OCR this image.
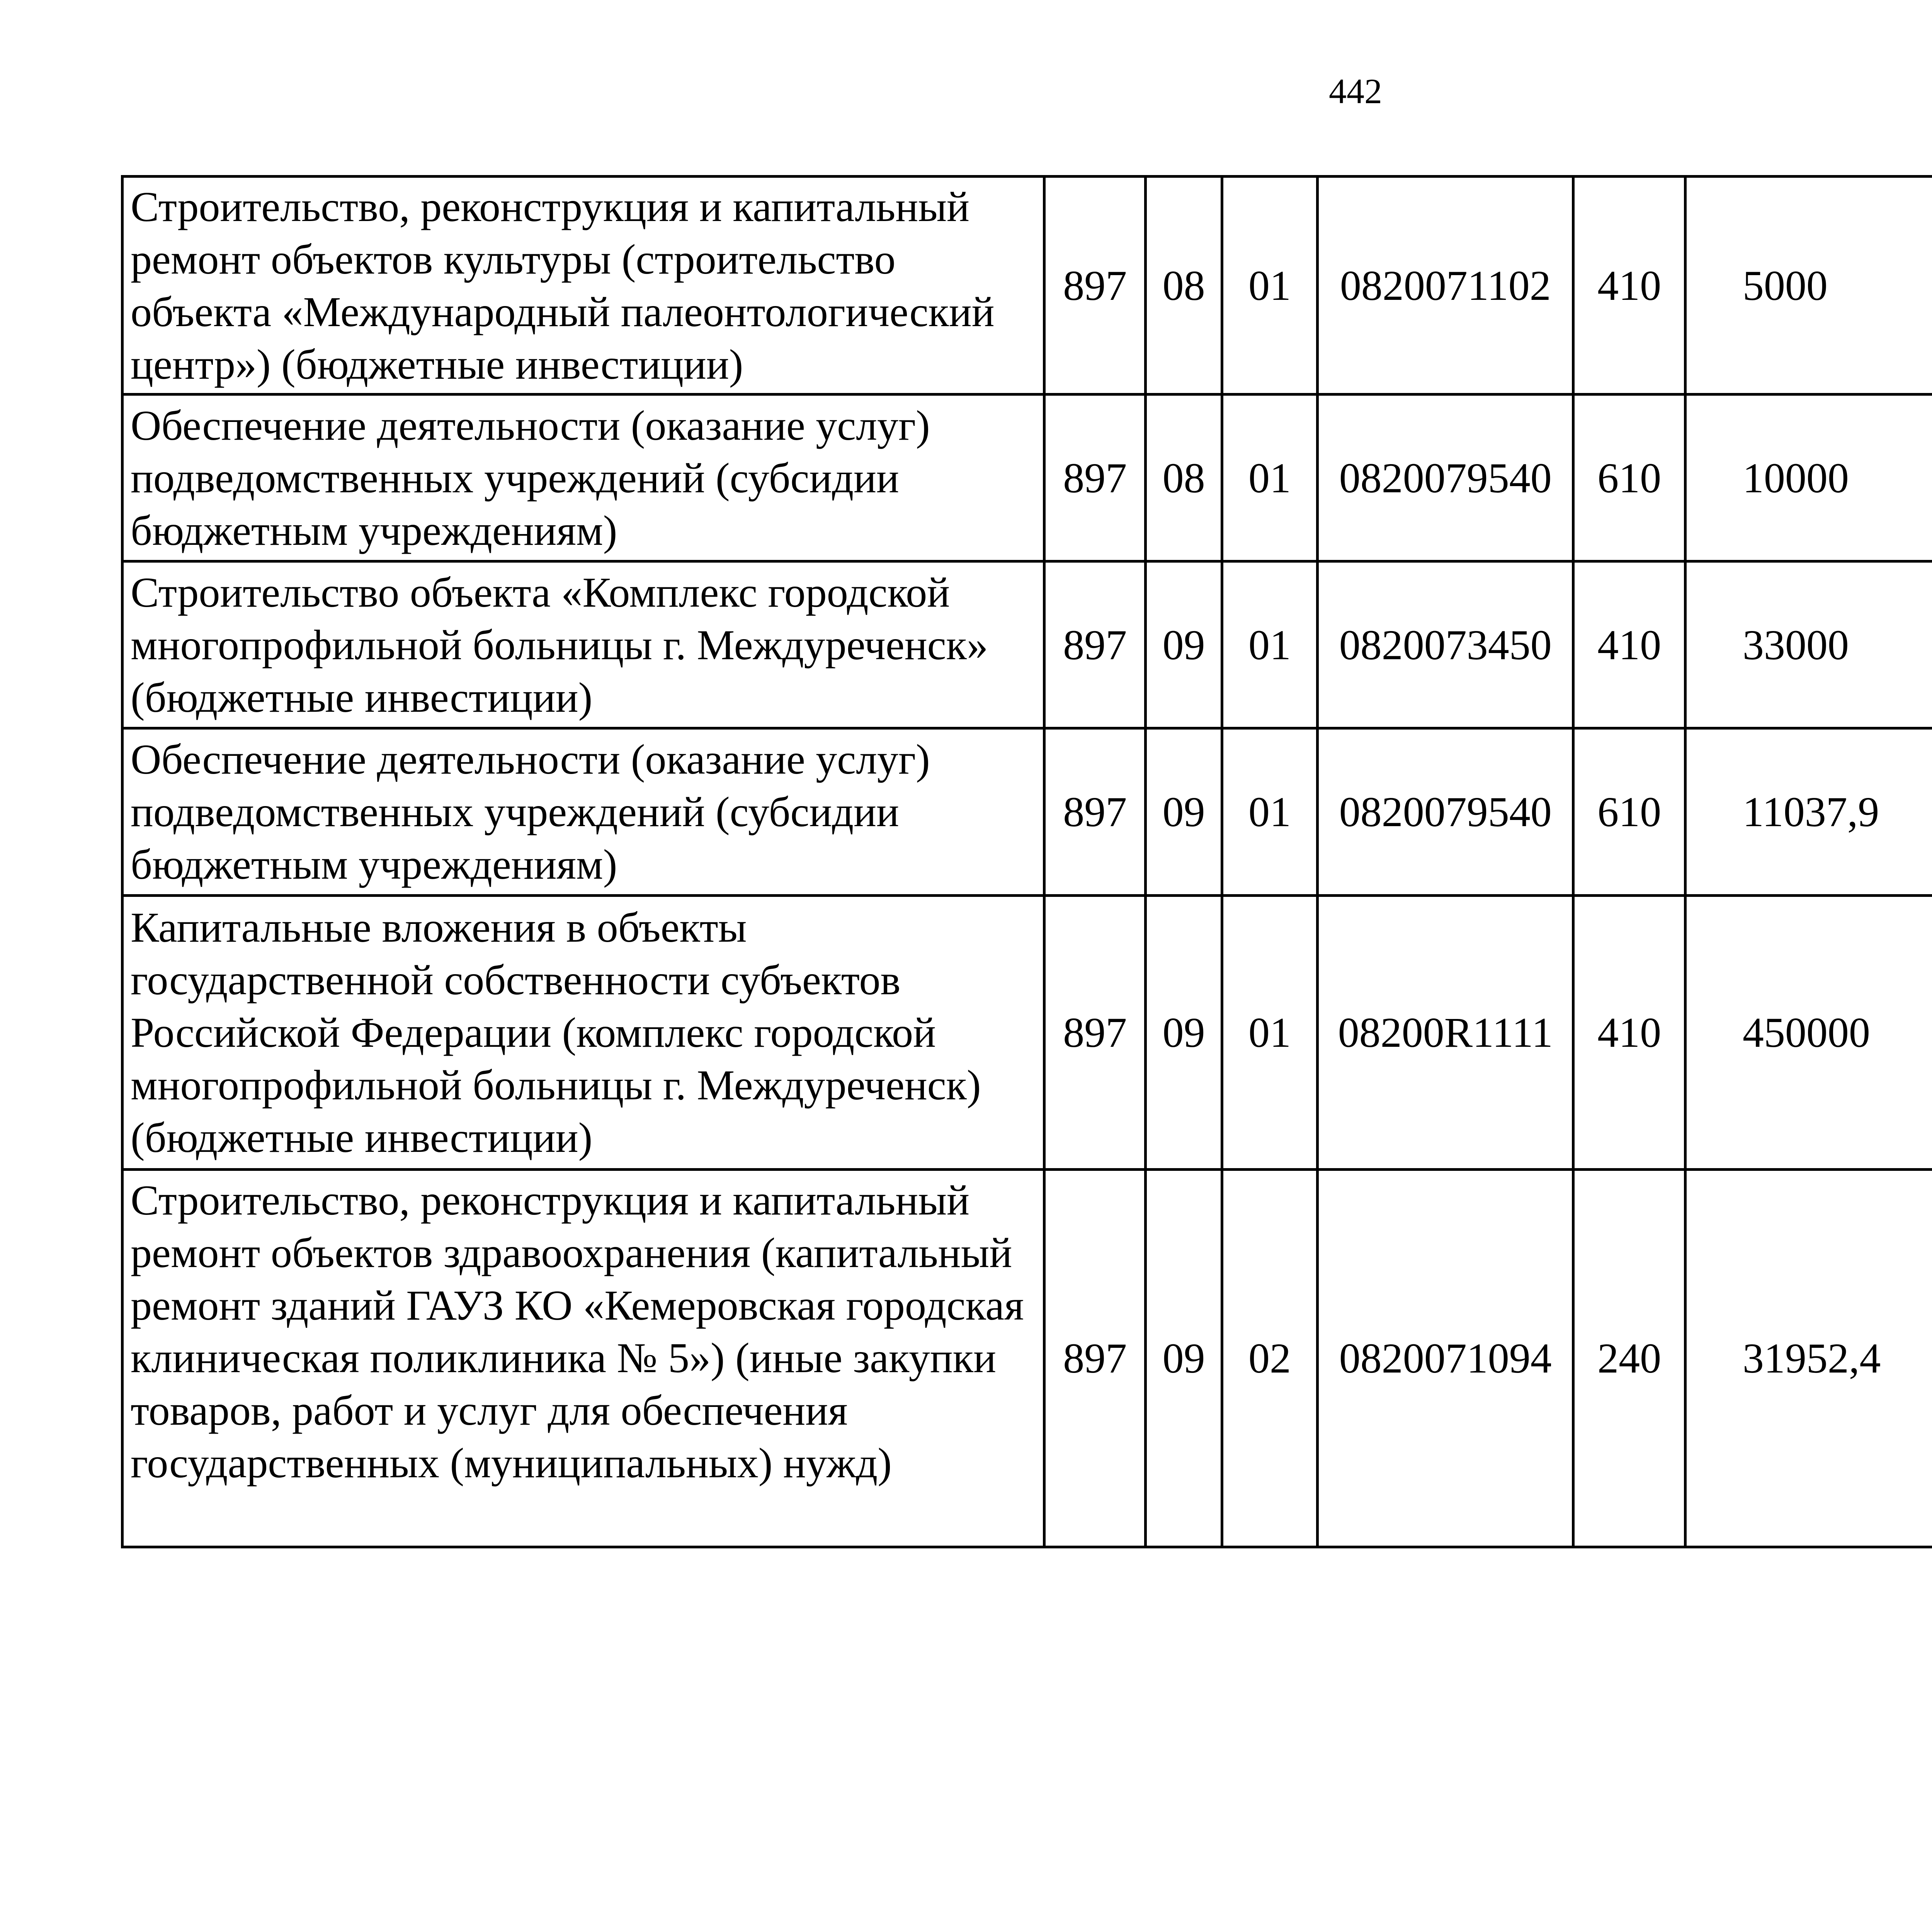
442
Строительство, реконструкция и капитальный ремонт объектов культуры (строительство объекта «Международный палеонтологический центр») (бюджетные инвестиции)	897	08	01	0820071102	410	5000		
Обеспечение деятельности (оказание услуг) подведомственных учреждений (субсидии бюджетным учреждениям)	897	08	01	0820079540	610	10000		
Строительство объекта «Комплекс городской многопрофильной больницы г. Междуреченск» (бюджетные инвестиции)	897	09	01	0820073450	410	33000		
Обеспечение деятельности (оказание услуг) подведомственных учреждений (субсидии бюджетным учреждениям)	897	09	01	0820079540	610	11037,9		
Капитальные вложения в объекты государственной собственности субъектов Российской Федерации (комплекс городской многопрофильной больницы г. Междуреченск) (бюджетные инвестиции)	897	09	01	08200R1111	410	450000		
Строительство, реконструкция и капитальный ремонт объектов здравоохранения (капитальный ремонт зданий ГАУЗ КО «Кемеровская городская клиническая поликлиника № 5») (иные закупки товаров, работ и услуг для обеспечения государственных (муниципальных) нужд)	897	09	02	0820071094	240	31952,4		
